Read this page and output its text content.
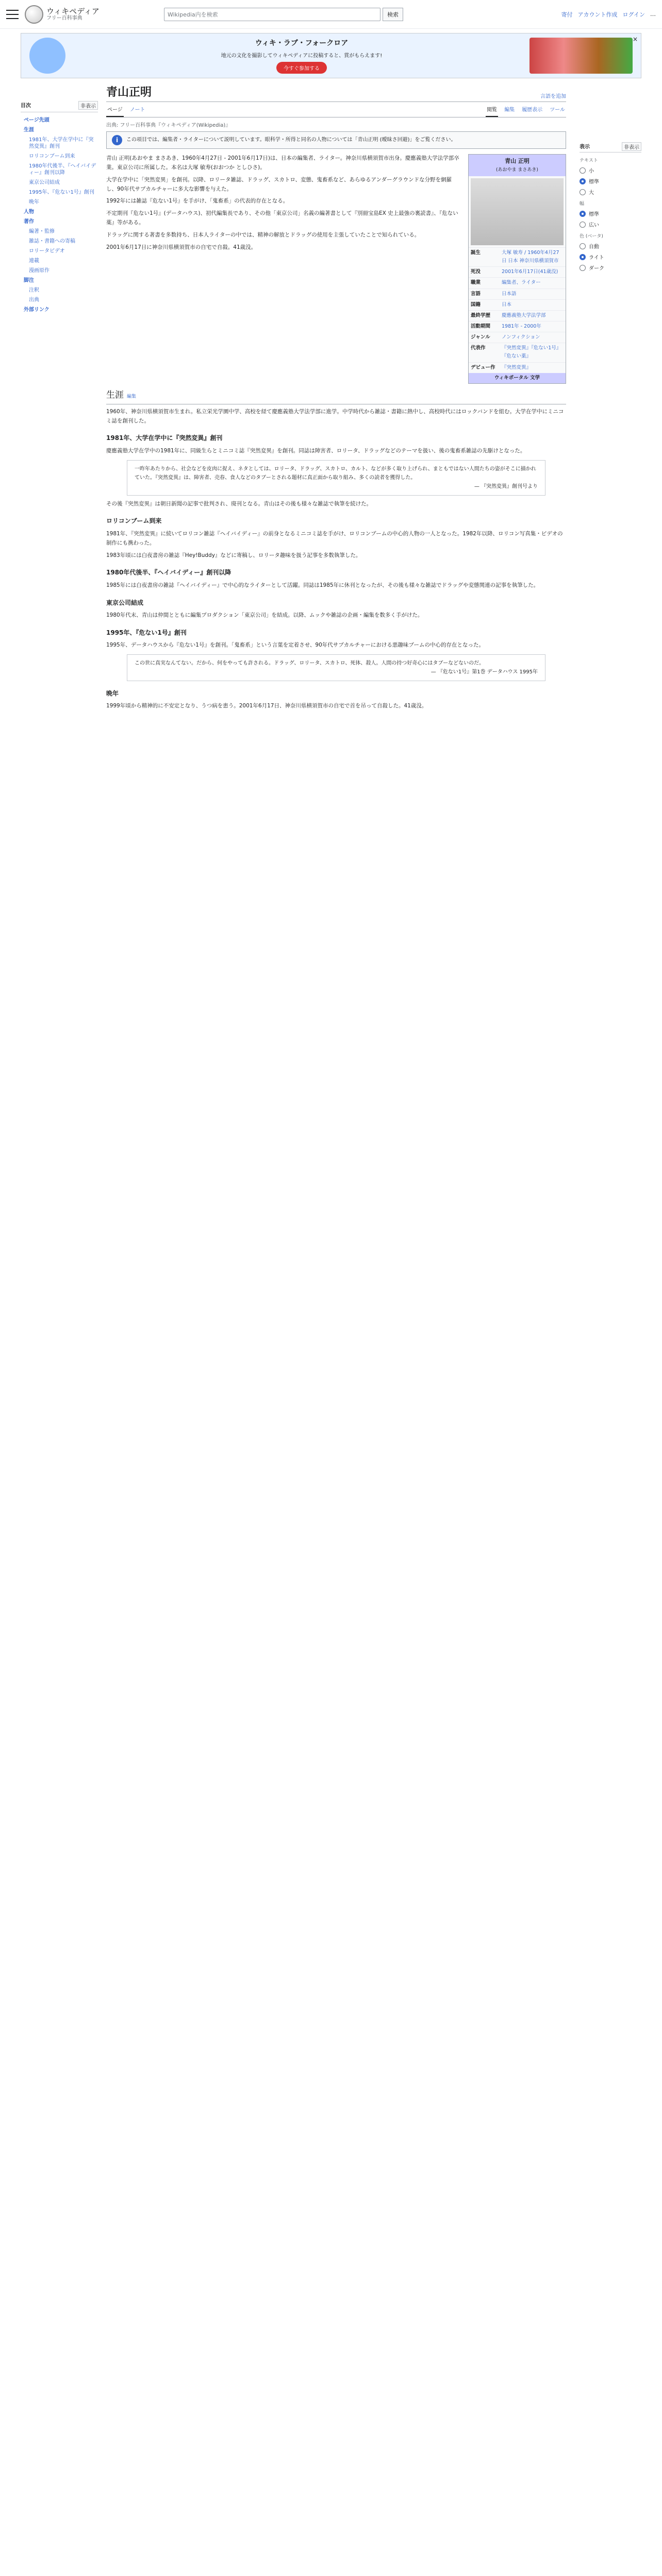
ウィキペディア
フリー百科事典
Wikipedia内を検索	検索	寄付 アカウント作成 ログイン …
ウィキ・ラブ・フォークロア
地元の文化を撮影してウィキペディアに投稿すると、賞がもらえます!
今すぐ参加する
×
目次	非表示
ページ先頭
生涯
1981年、大学在学中に『突然変異』創刊
ロリコンブーム到来
1980年代後半、『ヘイバイディー』創刊以降
東京公司結成
1995年、『危ない1号』創刊
晩年
人物
著作
編著・監修
雑誌・書籍への寄稿
ロリータビデオ
連載
漫画原作
脚注
注釈
出典
外部リンク
青山正明	言語を追加
ページ ノート	閲覧 編集 履歴表示 ツール
出典: フリー百科事典『ウィキペディア(Wikipedia)』
i	この項目では、編集者・ライターについて説明しています。眼科学・所得と同名の人物については「青山正明 (曖昧さ回避)」をご覧ください。
青山 正明
(あおやま まさあき)
誕生	大塚 敏寿 / 1960年4月27日 日本 神奈川県横須賀市
死没	2001年6月17日(41歳没)
職業	編集者、ライター
言語	日本語
国籍	日本
最終学歴	慶應義塾大学法学部
活動期間	1981年 - 2000年
ジャンル	ノンフィクション
代表作	『突然変異』『危ない1号』『危ない薬』
デビュー作	『突然変異』
ウィキポータル 文学

青山 正明(あおやま まさあき、1960年4月27日 - 2001年6月17日)は、日本の編集者、ライター。神奈川県横須賀市出身。慶應義塾大学法学部卒業。東京公司に所属した。本名は大塚 敏寿(おおつか としひさ)。

大学在学中に「突然変異」を創刊。以降、ロリータ雑誌、ドラッグ、スカトロ、変態、鬼畜系など、あらゆるアンダーグラウンドな分野を網羅し、90年代サブカルチャーに多大な影響を与えた。

1992年には雑誌『危ない1号』を手がけ、「鬼畜系」の代表的存在となる。

不定期刊『危ない1号』(データハウス)、初代編集長であり、その他「東京公司」名義の編著書として『別冊宝島EX 史上最強の裏読書』、『危ない薬』等がある。

ドラッグに関する著書を多数持ち、日本人ライターの中では、精神の解放とドラッグの使用を主張していたことで知られている。

2001年6月17日に神奈川県横須賀市の自宅で自殺。41歳没。

生涯 編集

1960年、神奈川県横須賀市生まれ。私立栄光学園中学、高校を経て慶應義塾大学法学部に進学。中学時代から雑誌・書籍に熱中し、高校時代にはロックバンドを組む。大学在学中にミニコミ誌を創刊した。

1981年、大学在学中に『突然変異』創刊

慶應義塾大学在学中の1981年に、同級生らとミニコミ誌『突然変異』を創刊。同誌は障害者、ロリータ、ドラッグなどのテーマを扱い、後の鬼畜系雑誌の先駆けとなった。

一昨年あたりから、社会などを皮肉に捉え、ネタとしては、ロリータ、ドラッグ、スカトロ、カルト、などが多く取り上げられ、まともではない人間たちの姿がそこに描かれていた。『突然変異』は、障害者、売春、食人などのタブーとされる題材に真正面から取り組み、多くの読者を獲得した。
— 『突然変異』創刊号より

その後『突然変異』は朝日新聞の記事で批判され、廃刊となる。青山はその後も様々な雑誌で執筆を続けた。

ロリコンブーム到来

1981年、『突然変異』に続いてロリコン雑誌『ヘイバイディー』の前身となるミニコミ誌を手がけ、ロリコンブームの中心的人物の一人となった。1982年以降、ロリコン写真集・ビデオの制作にも携わった。

1983年頃には白夜書房の雑誌『Hey!Buddy』などに寄稿し、ロリータ趣味を扱う記事を多数執筆した。

1980年代後半、『ヘイバイディー』創刊以降

1985年には白夜書房の雑誌『ヘイバイディー』で中心的なライターとして活躍。同誌は1985年に休刊となったが、その後も様々な雑誌でドラッグや変態関連の記事を執筆した。

東京公司結成

1980年代末、青山は仲間とともに編集プロダクション「東京公司」を結成。以降、ムックや雑誌の企画・編集を数多く手がけた。

1995年、『危ない1号』創刊

1995年、データハウスから『危ない1号』を創刊。「鬼畜系」という言葉を定着させ、90年代サブカルチャーにおける悪趣味ブームの中心的存在となった。

この世に真実なんてない。だから、何をやっても許される。ドラッグ、ロリータ、スカトロ、死体、殺人。人間の持つ好奇心にはタブーなどないのだ。
— 『危ない1号』第1巻 データハウス 1995年
晩年

1999年頃から精神的に不安定となり、うつ病を患う。2001年6月17日、神奈川県横須賀市の自宅で首を吊って自殺した。41歳没。

表示	非表示
テキスト
小
標準
大
幅
標準
広い
色 (ベータ)
自動
ライト
ダーク
